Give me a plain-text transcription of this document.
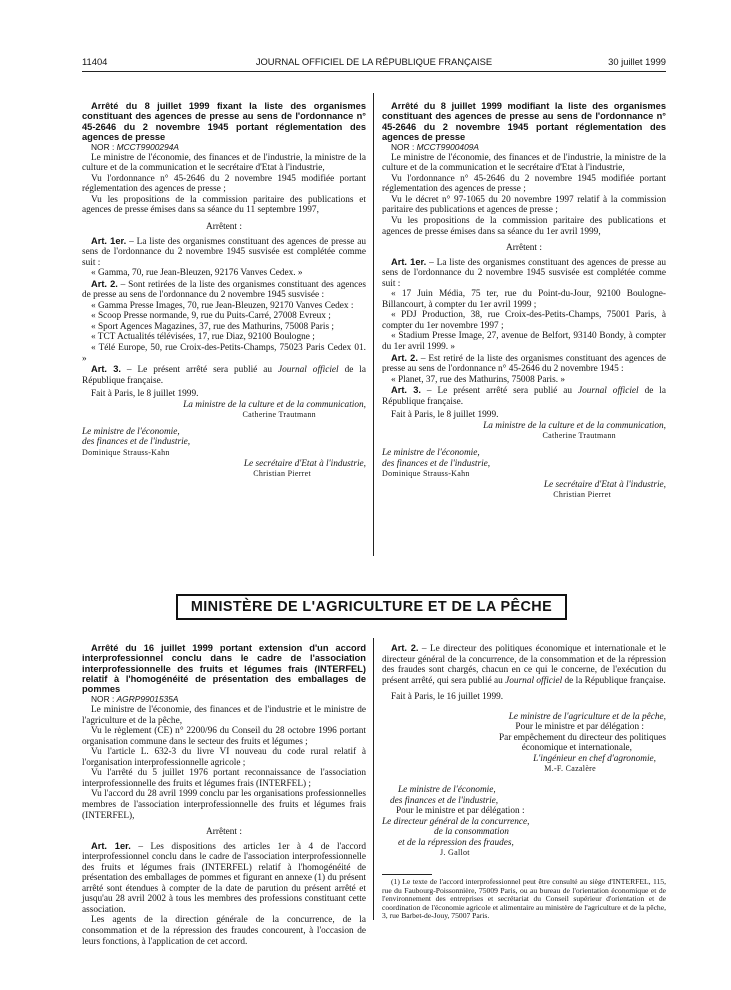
11404	JOURNAL OFFICIEL DE LA RÉPUBLIQUE FRANÇAISE	30 juillet 1999

Arrêté du 8 juillet 1999 fixant la liste des organismes constituant des agences de presse au sens de l'ordonnance n° 45-2646 du 2 novembre 1945 portant réglementation des agences de presse

NOR : MCCT9900294A

Le ministre de l'économie, des finances et de l'industrie, la ministre de la culture et de la communication et le secrétaire d'Etat à l'industrie,

Vu l'ordonnance n° 45-2646 du 2 novembre 1945 modifiée portant réglementation des agences de presse ;

Vu les propositions de la commission paritaire des publications et agences de presse émises dans sa séance du 11 septembre 1997,

Arrêtent :

Art. 1er. – La liste des organismes constituant des agences de presse au sens de l'ordonnance du 2 novembre 1945 susvisée est complétée comme suit :

« Gamma, 70, rue Jean-Bleuzen, 92176 Vanves Cedex. »

Art. 2. – Sont retirées de la liste des organismes constituant des agences de presse au sens de l'ordonnance du 2 novembre 1945 susvisée :

« Gamma Presse Images, 70, rue Jean-Bleuzen, 92170 Vanves Cedex :

« Scoop Presse normande, 9, rue du Puits-Carré, 27008 Evreux ;

« Sport Agences Magazines, 37, rue des Mathurins, 75008 Paris ;

« TCT Actualités télévisées, 17, rue Diaz, 92100 Boulogne ;

« Télé Europe, 50, rue Croix-des-Petits-Champs, 75023 Paris Cedex 01. »

Art. 3. – Le présent arrêté sera publié au Journal officiel de la République française.

Fait à Paris, le 8 juillet 1999.

La ministre de la culture et de la communication,

Catherine Trautmann

Le ministre de l'économie,

des finances et de l'industrie,

Dominique Strauss-Kahn

Le secrétaire d'Etat à l'industrie,

Christian Pierret

Arrêté du 8 juillet 1999 modifiant la liste des organismes constituant des agences de presse au sens de l'ordonnance n° 45-2646 du 2 novembre 1945 portant réglementation des agences de presse

NOR : MCCT9900409A

Le ministre de l'économie, des finances et de l'industrie, la ministre de la culture et de la communication et le secrétaire d'Etat à l'industrie,

Vu l'ordonnance n° 45-2646 du 2 novembre 1945 modifiée portant réglementation des agences de presse ;

Vu le décret n° 97-1065 du 20 novembre 1997 relatif à la commission paritaire des publications et agences de presse ;

Vu les propositions de la commission paritaire des publications et agences de presse émises dans sa séance du 1er avril 1999,

Arrêtent :

Art. 1er. – La liste des organismes constituant des agences de presse au sens de l'ordonnance du 2 novembre 1945 susvisée est complétée comme suit :

« 17 Juin Média, 75 ter, rue du Point-du-Jour, 92100 Boulogne-Billancourt, à compter du 1er avril 1999 ;

« PDJ Production, 38, rue Croix-des-Petits-Champs, 75001 Paris, à compter du 1er novembre 1997 ;

« Stadium Presse Image, 27, avenue de Belfort, 93140 Bondy, à compter du 1er avril 1999. »

Art. 2. – Est retiré de la liste des organismes constituant des agences de presse au sens de l'ordonnance n° 45-2646 du 2 novembre 1945 :

« Planet, 37, rue des Mathurins, 75008 Paris. »

Art. 3. – Le présent arrêté sera publié au Journal officiel de la République française.

Fait à Paris, le 8 juillet 1999.

La ministre de la culture et de la communication,

Catherine Trautmann

Le ministre de l'économie,

des finances et de l'industrie,

Dominique Strauss-Kahn

Le secrétaire d'Etat à l'industrie,

Christian Pierret

MINISTÈRE DE L'AGRICULTURE ET DE LA PÊCHE

Arrêté du 16 juillet 1999 portant extension d'un accord interprofessionnel conclu dans le cadre de l'association interprofessionnelle des fruits et légumes frais (INTERFEL) relatif à l'homogénéité de présentation des emballages de pommes

NOR : AGRP9901535A

Le ministre de l'économie, des finances et de l'industrie et le ministre de l'agriculture et de la pêche,

Vu le règlement (CE) n° 2200/96 du Conseil du 28 octobre 1996 portant organisation commune dans le secteur des fruits et légumes ;

Vu l'article L. 632-3 du livre VI nouveau du code rural relatif à l'organisation interprofessionnelle agricole ;

Vu l'arrêté du 5 juillet 1976 portant reconnaissance de l'association interprofessionnelle des fruits et légumes frais (INTERFEL) ;

Vu l'accord du 28 avril 1999 conclu par les organisations professionnelles membres de l'association interprofessionnelle des fruits et légumes frais (INTERFEL),

Arrêtent :

Art. 1er. – Les dispositions des articles 1er à 4 de l'accord interprofessionnel conclu dans le cadre de l'association interprofessionnelle des fruits et légumes frais (INTERFEL) relatif à l'homogénéité de présentation des emballages de pommes et figurant en annexe (1) du présent arrêté sont étendues à compter de la date de parution du présent arrêté et jusqu'au 28 avril 2002 à tous les membres des professions constituant cette association.

Les agents de la direction générale de la concurrence, de la consommation et de la répression des fraudes concourent, à l'occasion de leurs fonctions, à l'application de cet accord.

Art. 2. – Le directeur des politiques économique et internationale et le directeur général de la concurrence, de la consommation et de la répression des fraudes sont chargés, chacun en ce qui le concerne, de l'exécution du présent arrêté, qui sera publié au Journal officiel de la République française.

Fait à Paris, le 16 juillet 1999.

Le ministre de l'agriculture et de la pêche,

Pour le ministre et par délégation :

Par empêchement du directeur des politiques

économique et internationale,

L'ingénieur en chef d'agronomie,

M.-F. Cazalère

Le ministre de l'économie,

des finances et de l'industrie,

Pour le ministre et par délégation :

Le directeur général de la concurrence,

de la consommation

et de la répression des fraudes,

J. Gallot

(1) Le texte de l'accord interprofessionnel peut être consulté au siège d'INTERFEL, 115, rue du Faubourg-Poissonnière, 75009 Paris, ou au bureau de l'orientation économique et de l'environnement des entreprises et secrétariat du Conseil supérieur d'orientation et de coordination de l'économie agricole et alimentaire au ministère de l'agriculture et de la pêche, 3, rue Barbet-de-Jouy, 75007 Paris.
